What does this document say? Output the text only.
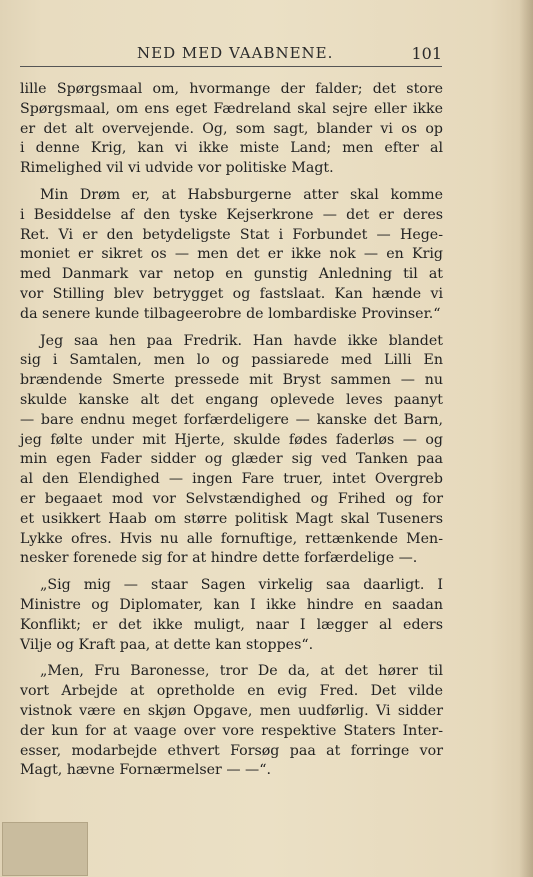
NED MED VAABNENE.	101

lille Spørgsmaal om, hvormange der falder; det store
Spørgsmaal, om ens eget Fædreland skal sejre eller ikke
er det alt overvejende. Og, som sagt, blander vi os op
i denne Krig, kan vi ikke miste Land; men efter al
Rimelighed vil vi udvide vor politiske Magt.

Min Drøm er, at Habsburgerne atter skal komme
i Besiddelse af den tyske Kejserkrone — det er deres
Ret. Vi er den betydeligste Stat i Forbundet — Hege-
moniet er sikret os — men det er ikke nok — en Krig
med Danmark var netop en gunstig Anledning til at
vor Stilling blev betrygget og fastslaat. Kan hænde vi
da senere kunde tilbageerobre de lombardiske Provinser.“

Jeg saa hen paa Fredrik. Han havde ikke blandet
sig i Samtalen, men lo og passiarede med Lilli En
brændende Smerte pressede mit Bryst sammen — nu
skulde kanske alt det engang oplevede leves paanyt
— bare endnu meget forfærdeligere — kanske det Barn,
jeg følte under mit Hjerte, skulde fødes faderløs — og
min egen Fader sidder og glæder sig ved Tanken paa
al den Elendighed — ingen Fare truer, intet Overgreb
er begaaet mod vor Selvstændighed og Frihed og for
et usikkert Haab om større politisk Magt skal Tuseners
Lykke ofres. Hvis nu alle fornuftige, rettænkende Men-
nesker forenede sig for at hindre dette forfærdelige —.

„Sig mig — staar Sagen virkelig saa daarligt. I
Ministre og Diplomater, kan I ikke hindre en saadan
Konflikt; er det ikke muligt, naar I lægger al eders
Vilje og Kraft paa, at dette kan stoppes“.

„Men, Fru Baronesse, tror De da, at det hører til
vort Arbejde at opretholde en evig Fred. Det vilde
vistnok være en skjøn Opgave, men uudførlig. Vi sidder
der kun for at vaage over vore respektive Staters Inter-
esser, modarbejde ethvert Forsøg paa at forringe vor
Magt, hævne Fornærmelser — —“.
